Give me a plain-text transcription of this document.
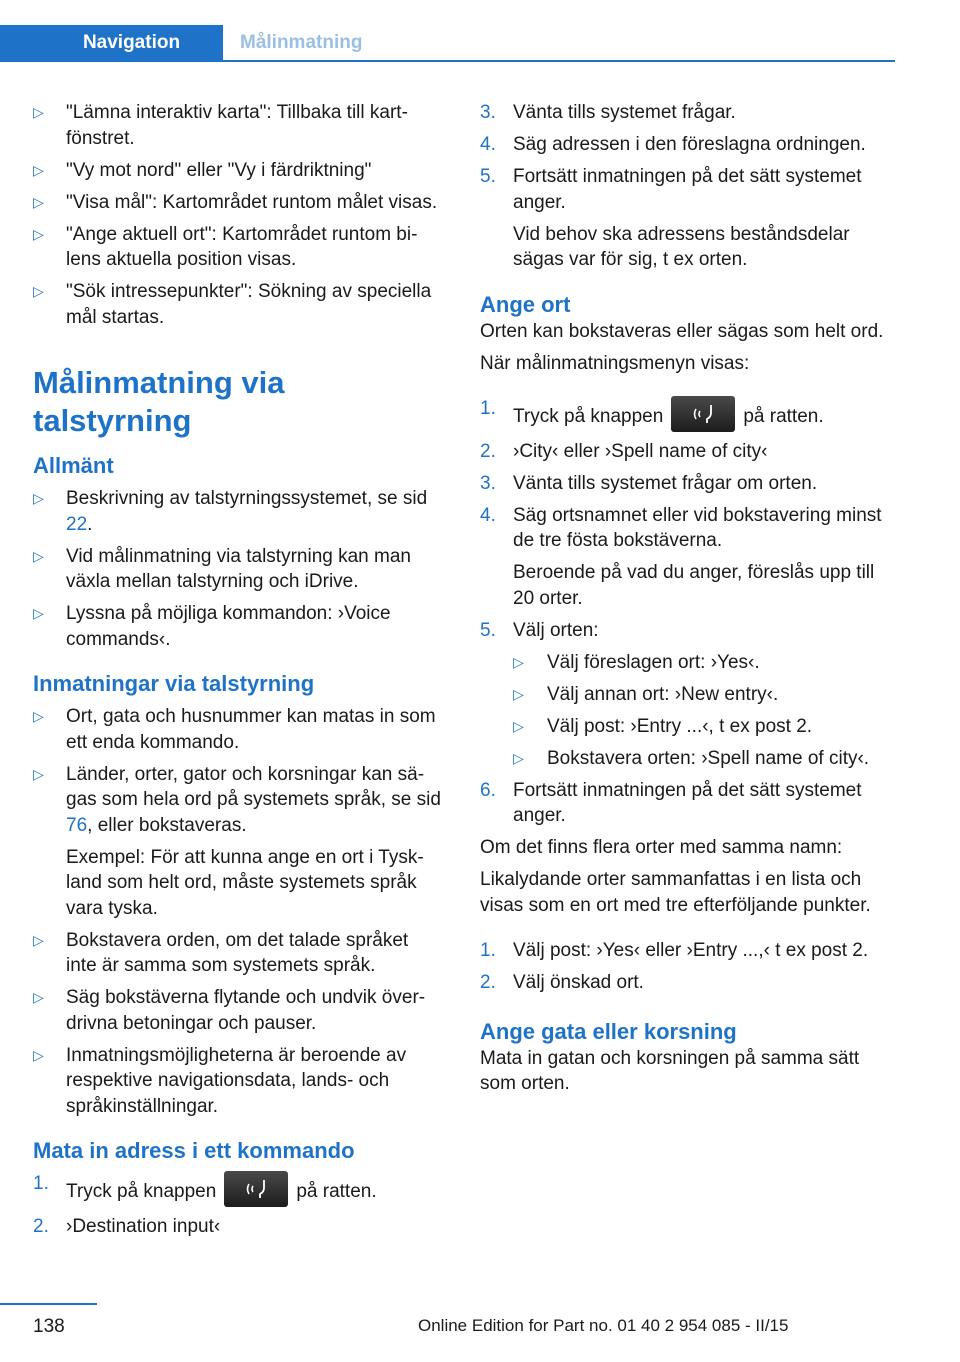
Navigation	Målinmatning
▷ "Lämna interaktiv karta": Tillbaka till kartfönstret.

▷ "Vy mot nord" eller "Vy i färdriktning"

▷ "Visa mål": Kartområdet runtom målet visas.

▷ "Ange aktuell ort": Kartområdet runtom bilens aktuella position visas.

▷ "Sök intressepunkter": Sökning av speciella mål startas.

Målinmatning via talstyrning
Allmänt
▷ Beskrivning av talstyrningssystemet, se sid 22.

▷ Vid målinmatning via talstyrning kan man växla mellan talstyrning och iDrive.

▷ Lyssna på möjliga kommandon: ›Voice commands‹.

Inmatningar via talstyrning
▷ Ort, gata och husnummer kan matas in som ett enda kommando.

▷ Länder, orter, gator och korsningar kan sägas som hela ord på systemets språk, se sid 76, eller bokstaveras.

Exempel: För att kunna ange en ort i Tyskland som helt ord, måste systemets språk vara tyska.

▷ Bokstavera orden, om det talade språket inte är samma som systemets språk.

▷ Säg bokstäverna flytande och undvik överdrivna betoningar och pauser.

▷ Inmatningsmöjligheterna är beroende av respektive navigationsdata, lands- och språkinställningar.

Mata in adress i ett kommando
1. Tryck på knappen	på ratten.

2. ›Destination input‹

3. Vänta tills systemet frågar.

4. Säg adressen i den föreslagna ordningen.

5. Fortsätt inmatningen på det sätt systemet anger.

Vid behov ska adressens beståndsdelar sägas var för sig, t ex orten.

Ange ort

Orten kan bokstaveras eller sägas som helt ord.

När målinmatningsmenyn visas:

1. Tryck på knappen	på ratten.

2. ›City‹ eller ›Spell name of city‹

3. Vänta tills systemet frågar om orten.

4. Säg ortsnamnet eller vid bokstavering minst de tre fösta bokstäverna.

Beroende på vad du anger, föreslås upp till 20 orter.

5. Välj orten:

▷ Välj föreslagen ort: ›Yes‹.

▷ Välj annan ort: ›New entry‹.

▷ Välj post: ›Entry ...‹, t ex post 2.

▷ Bokstavera orten: ›Spell name of city‹.

6. Fortsätt inmatningen på det sätt systemet anger.

Om det finns flera orter med samma namn:

Likalydande orter sammanfattas i en lista och visas som en ort med tre efterföljande punkter.

1. Välj post: ›Yes‹ eller ›Entry ...,‹ t ex post 2.

2. Välj önskad ort.

Ange gata eller korsning

Mata in gatan och korsningen på samma sätt som orten.

138	Online Edition for Part no. 01 40 2 954 085 - II/15
